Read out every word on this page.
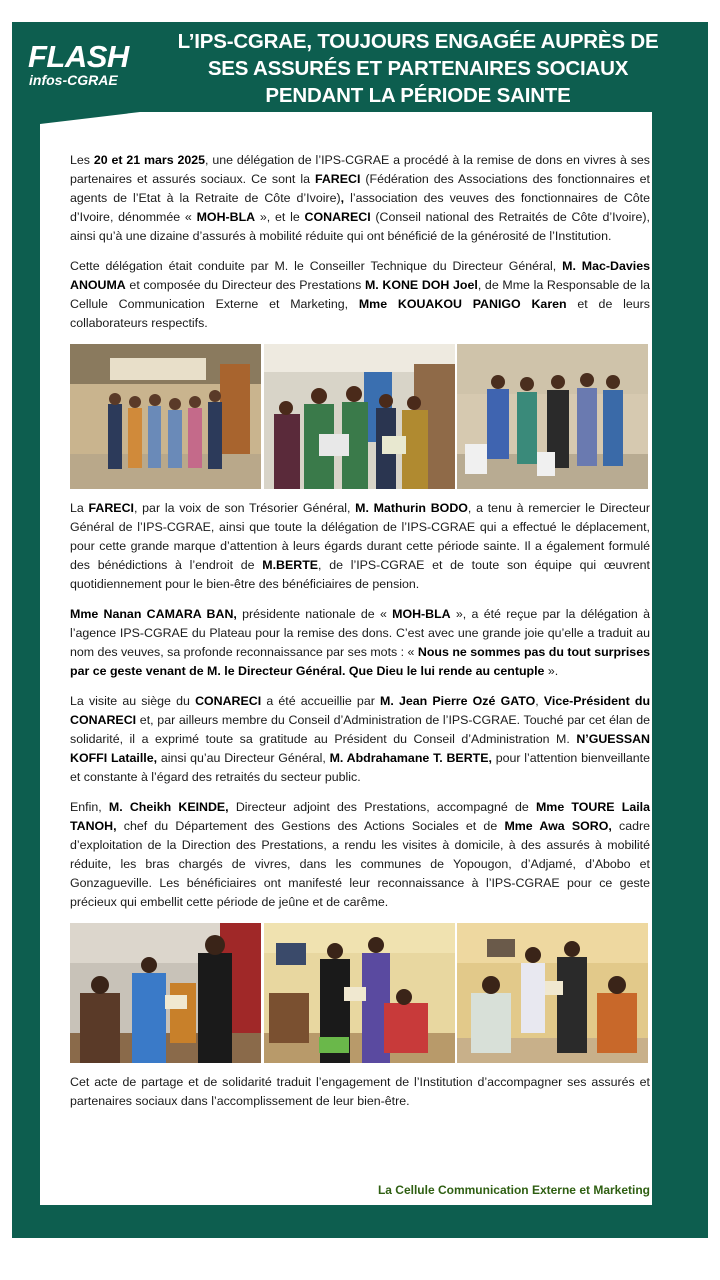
FLASH
infos-CGRAE
L’IPS-CGRAE, TOUJOURS ENGAGÉE AUPRÈS DE SES ASSURÉS ET PARTENAIRES SOCIAUX PENDANT LA PÉRIODE SAINTE

Les 20 et 21 mars 2025, une délégation de l’IPS-CGRAE a procédé à la remise de dons en vivres à ses partenaires et assurés sociaux. Ce sont la FARECI (Fédération des Associations des fonctionnaires et agents de l’Etat à la Retraite de Côte d’Ivoire), l’association des veuves des fonctionnaires de Côte d’Ivoire, dénommée « MOH-BLA », et le CONARECI (Conseil national des Retraités de Côte d’Ivoire), ainsi qu’à une dizaine d’assurés à mobilité réduite qui ont bénéficié de la générosité de l’Institution.

Cette délégation était conduite par M. le Conseiller Technique du Directeur Général, M. Mac-Davies ANOUMA et composée du Directeur des Prestations M. KONE DOH Joel, de Mme la Responsable de la Cellule Communication Externe et Marketing, Mme KOUAKOU PANIGO Karen et de leurs collaborateurs respectifs.

La FARECI, par la voix de son Trésorier Général, M. Mathurin BODO, a tenu à remercier le Directeur Général de l’IPS-CGRAE, ainsi que toute la délégation de l’IPS-CGRAE qui a effectué le déplacement, pour cette grande marque d’attention à leurs égards durant cette période sainte. Il a également formulé des bénédictions à l’endroit de M.BERTE, de l’IPS-CGRAE et de toute son équipe qui œuvrent quotidiennement pour le bien-être des bénéficiaires de pension.

Mme Nanan CAMARA BAN, présidente nationale de « MOH-BLA », a été reçue par la délégation à l’agence IPS-CGRAE du Plateau pour la remise des dons. C’est avec une grande joie qu’elle a traduit au nom des veuves, sa profonde reconnaissance par ses mots : « Nous ne sommes pas du tout surprises par ce geste venant de M. le Directeur Général. Que Dieu le lui rende au centuple ».

La visite au siège du CONARECI a été accueillie par M. Jean Pierre Ozé GATO, Vice-Président du CONARECI et, par ailleurs membre du Conseil d’Administration de l’IPS-CGRAE. Touché par cet élan de solidarité, il a exprimé toute sa gratitude au Président du Conseil d’Administration M. N’GUESSAN KOFFI Lataille, ainsi qu’au Directeur Général, M. Abdrahamane T. BERTE, pour l’attention bienveillante et constante à l’égard des retraités du secteur public.

Enfin, M. Cheikh KEINDE, Directeur adjoint des Prestations, accompagné de Mme TOURE Laila TANOH, chef du Département des Gestions des Actions Sociales et de Mme Awa SORO, cadre d’exploitation de la Direction des Prestations, a rendu les visites à domicile, à des assurés à mobilité réduite, les bras chargés de vivres, dans les communes de Yopougon, d’Adjamé, d’Abobo et Gonzagueville. Les bénéficiaires ont manifesté leur reconnaissance à l’IPS-CGRAE pour ce geste précieux qui embellit cette période de jeûne et de carême.

Cet acte de partage et de solidarité traduit l’engagement de l’Institution d’accompagner ses assurés et partenaires sociaux dans l’accomplissement de leur bien-être.

La Cellule Communication Externe et Marketing
